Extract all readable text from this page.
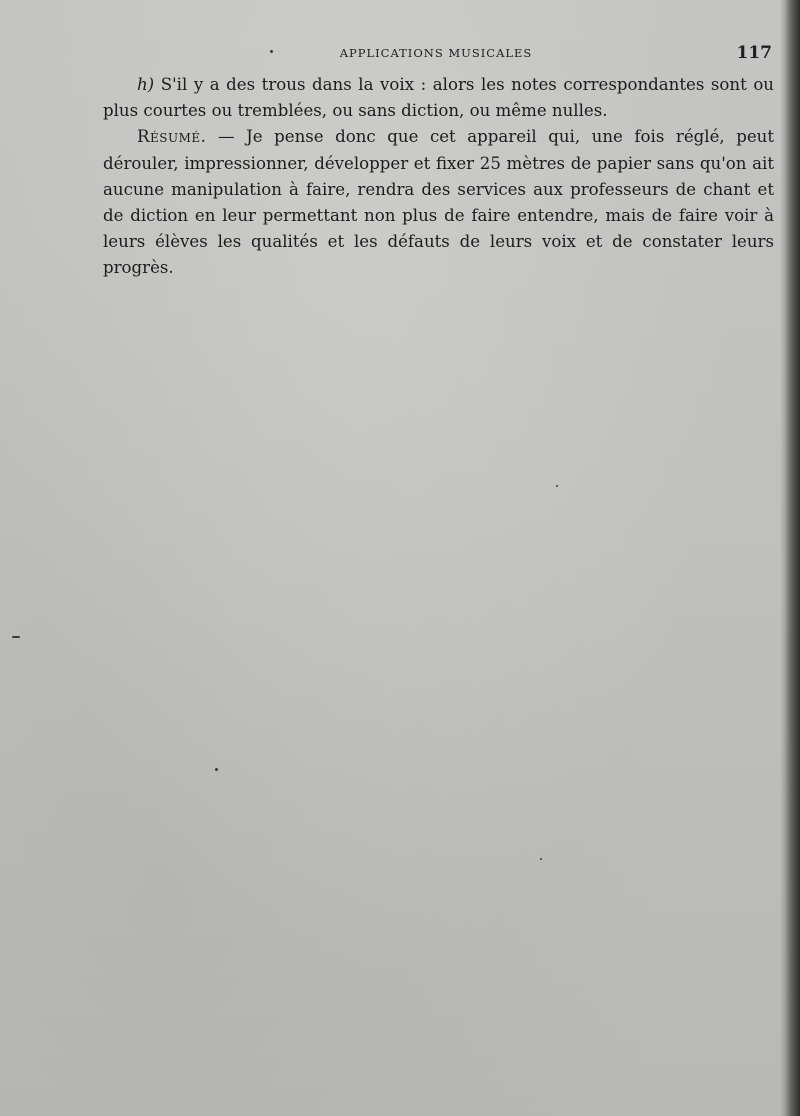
APPLICATIONS MUSICALES	117

h) S'il y a des trous dans la voix : alors les notes correspondantes sont ou plus courtes ou tremblées, ou sans diction, ou même nulles.

Résumé. — Je pense donc que cet appareil qui, une fois réglé, peut dérouler, impressionner, développer et fixer 25 mètres de papier sans qu'on ait aucune manipulation à faire, rendra des services aux professeurs de chant et de diction en leur permettant non plus de faire entendre, mais de faire voir à leurs élèves les qualités et les défauts de leurs voix et de constater leurs progrès.
